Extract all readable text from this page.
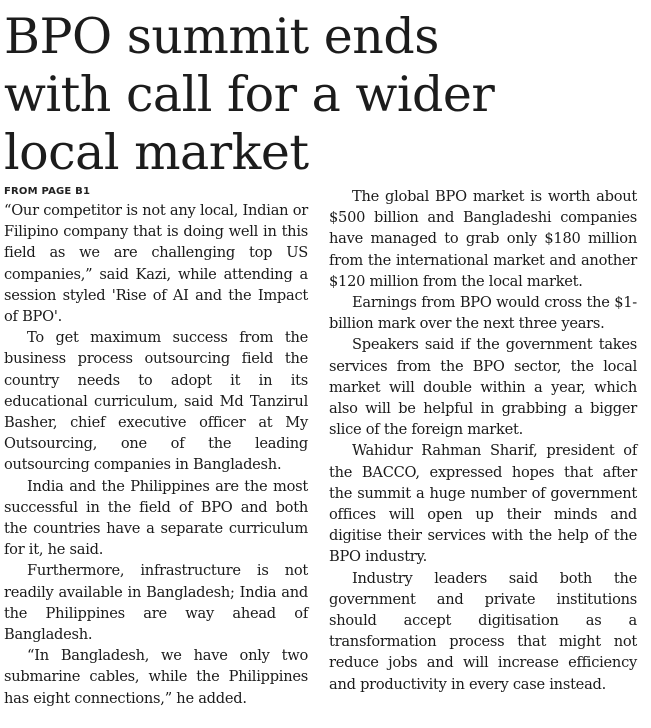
BPO summit ends
with call for a wider
local market
FROM PAGE B1

“Our competitor is not any local, Indian or Filipino company that is doing well in this field as we are challenging top US companies,” said Kazi, while attending a session styled 'Rise of AI and the Impact of BPO'.

To get maximum success from the business process outsourcing field the country needs to adopt it in its educational curriculum, said Md Tanzirul Basher, chief executive officer at My Outsourcing, one of the leading outsourcing companies in Bangladesh.

India and the Philippines are the most successful in the field of BPO and both the countries have a separate curriculum for it, he said.

Furthermore, infrastructure is not readily available in Bangladesh; India and the Philippines are way ahead of Bangladesh.

“In Bangladesh, we have only two submarine cables, while the Philippines has eight connections,” he added.

The global BPO market is worth about $500 billion and Bangladeshi companies have managed to grab only $180 million from the international market and another $120 million from the local market.

Earnings from BPO would cross the $1-billion mark over the next three years.

Speakers said if the government takes services from the BPO sector, the local market will double within a year, which also will be helpful in grabbing a bigger slice of the foreign market.

Wahidur Rahman Sharif, president of the BACCO, expressed hopes that after the summit a huge number of government offices will open up their minds and digitise their services with the help of the BPO industry.

Industry leaders said both the government and private institutions should accept digitisation as a transformation process that might not reduce jobs and will increase efficiency and productivity in every case instead.
